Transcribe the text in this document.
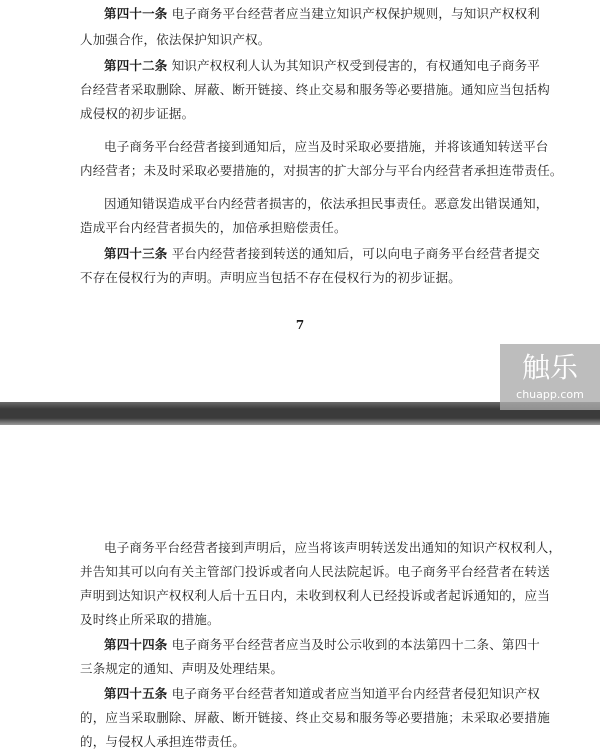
第四十一条 电子商务平台经营者应当建立知识产权保护规则，与知识产权权利
人加强合作，依法保护知识产权。
第四十二条 知识产权权利人认为其知识产权受到侵害的，有权通知电子商务平
台经营者采取删除、屏蔽、断开链接、终止交易和服务等必要措施。通知应当包括构
成侵权的初步证据。
电子商务平台经营者接到通知后，应当及时采取必要措施，并将该通知转送平台
内经营者；未及时采取必要措施的，对损害的扩大部分与平台内经营者承担连带责任。
因通知错误造成平台内经营者损害的，依法承担民事责任。恶意发出错误通知，
造成平台内经营者损失的，加倍承担赔偿责任。
第四十三条 平台内经营者接到转送的通知后，可以向电子商务平台经营者提交
不存在侵权行为的声明。声明应当包括不存在侵权行为的初步证据。
7
电子商务平台经营者接到声明后，应当将该声明转送发出通知的知识产权权利人，
并告知其可以向有关主管部门投诉或者向人民法院起诉。电子商务平台经营者在转送
声明到达知识产权权利人后十五日内，未收到权利人已经投诉或者起诉通知的，应当
及时终止所采取的措施。
第四十四条 电子商务平台经营者应当及时公示收到的本法第四十二条、第四十
三条规定的通知、声明及处理结果。
第四十五条 电子商务平台经营者知道或者应当知道平台内经营者侵犯知识产权
的，应当采取删除、屏蔽、断开链接、终止交易和服务等必要措施；未采取必要措施
的，与侵权人承担连带责任。
触乐
chuapp.com
